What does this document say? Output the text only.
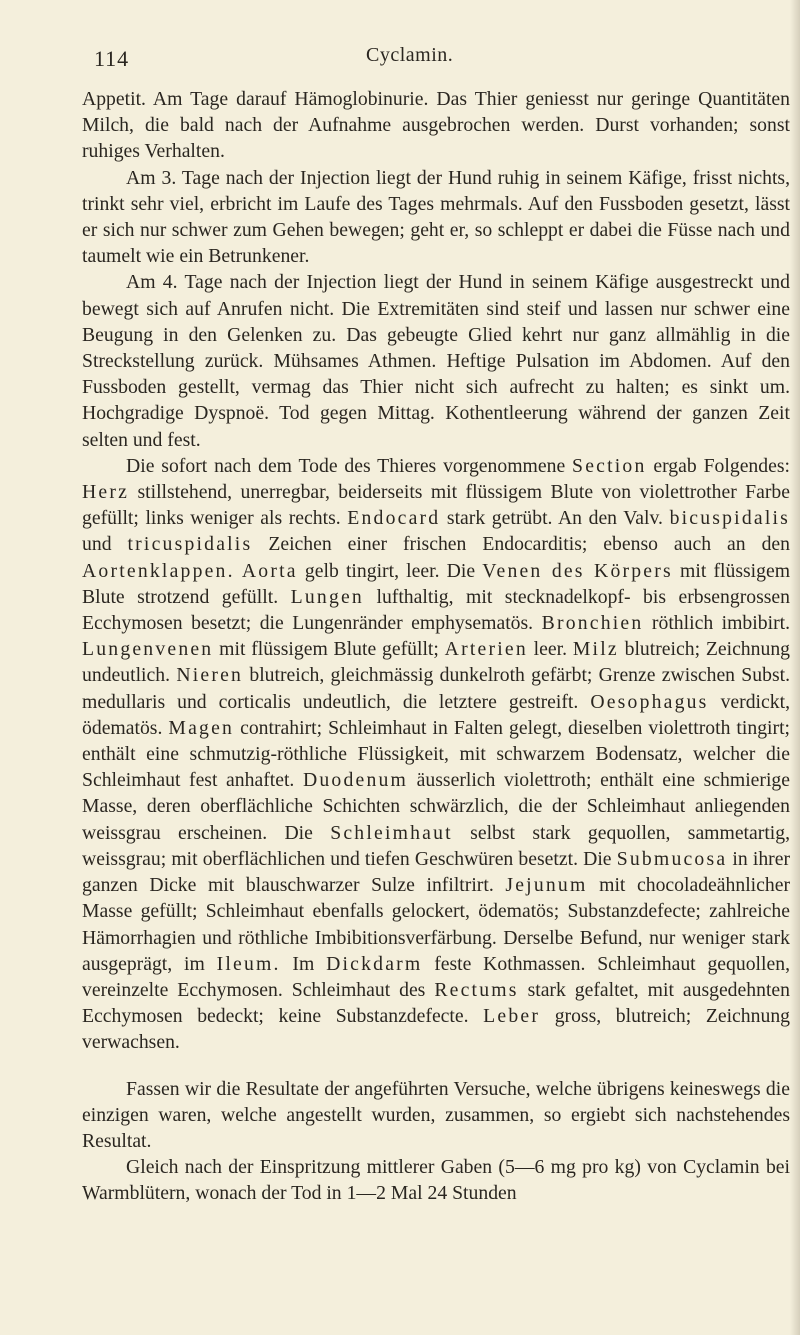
114	Cyclamin.

Appetit. Am Tage darauf Hämoglobinurie. Das Thier geniesst nur geringe Quantitäten Milch, die bald nach der Aufnahme ausgebrochen werden. Durst vorhanden; sonst ruhiges Verhalten.

Am 3. Tage nach der Injection liegt der Hund ruhig in seinem Käfige, frisst nichts, trinkt sehr viel, erbricht im Laufe des Tages mehrmals. Auf den Fussboden gesetzt, lässt er sich nur schwer zum Gehen bewegen; geht er, so schleppt er dabei die Füsse nach und taumelt wie ein Betrunkener.

Am 4. Tage nach der Injection liegt der Hund in seinem Käfige ausgestreckt und bewegt sich auf Anrufen nicht. Die Extremitäten sind steif und lassen nur schwer eine Beugung in den Gelenken zu. Das gebeugte Glied kehrt nur ganz allmählig in die Streckstellung zurück. Mühsames Athmen. Heftige Pulsation im Abdomen. Auf den Fussboden gestellt, vermag das Thier nicht sich aufrecht zu halten; es sinkt um. Hochgradige Dyspnoë. Tod gegen Mittag. Kothentleerung während der ganzen Zeit selten und fest.

Die sofort nach dem Tode des Thieres vorgenommene Section ergab Folgendes: Herz stillstehend, unerregbar, beiderseits mit flüssigem Blute von violettrother Farbe gefüllt; links weniger als rechts. Endocard stark getrübt. An den Valv. bicuspidalis und tricuspidalis Zeichen einer frischen Endocarditis; ebenso auch an den Aortenklappen. Aorta gelb tingirt, leer. Die Venen des Körpers mit flüssigem Blute strotzend gefüllt. Lungen lufthaltig, mit stecknadelkopf- bis erbsengrossen Ecchymosen besetzt; die Lungenränder emphysematös. Bronchien röthlich imbibirt. Lungenvenen mit flüssigem Blute gefüllt; Arterien leer. Milz blutreich; Zeichnung undeutlich. Nieren blutreich, gleichmässig dunkelroth gefärbt; Grenze zwischen Subst. medullaris und corticalis undeutlich, die letztere gestreift. Oesophagus verdickt, ödematös. Magen contrahirt; Schleimhaut in Falten gelegt, dieselben violettroth tingirt; enthält eine schmutzig-röthliche Flüssigkeit, mit schwarzem Bodensatz, welcher die Schleimhaut fest anhaftet. Duodenum äusserlich violettroth; enthält eine schmierige Masse, deren oberflächliche Schichten schwärzlich, die der Schleimhaut anliegenden weissgrau erscheinen. Die Schleimhaut selbst stark gequollen, sammetartig, weissgrau; mit oberflächlichen und tiefen Geschwüren besetzt. Die Submucosa in ihrer ganzen Dicke mit blauschwarzer Sulze infiltrirt. Jejunum mit chocoladeähnlicher Masse gefüllt; Schleimhaut ebenfalls gelockert, ödematös; Substanzdefecte; zahlreiche Hämorrhagien und röthliche Imbibitionsverfärbung. Derselbe Befund, nur weniger stark ausgeprägt, im Ileum. Im Dickdarm feste Kothmassen. Schleimhaut gequollen, vereinzelte Ecchymosen. Schleimhaut des Rectums stark gefaltet, mit ausgedehnten Ecchymosen bedeckt; keine Substanzdefecte. Leber gross, blutreich; Zeichnung verwachsen.

Fassen wir die Resultate der angeführten Versuche, welche übrigens keineswegs die einzigen waren, welche angestellt wurden, zusammen, so ergiebt sich nachstehendes Resultat.

Gleich nach der Einspritzung mittlerer Gaben (5—6 mg pro kg) von Cyclamin bei Warmblütern, wonach der Tod in 1—2 Mal 24 Stunden
